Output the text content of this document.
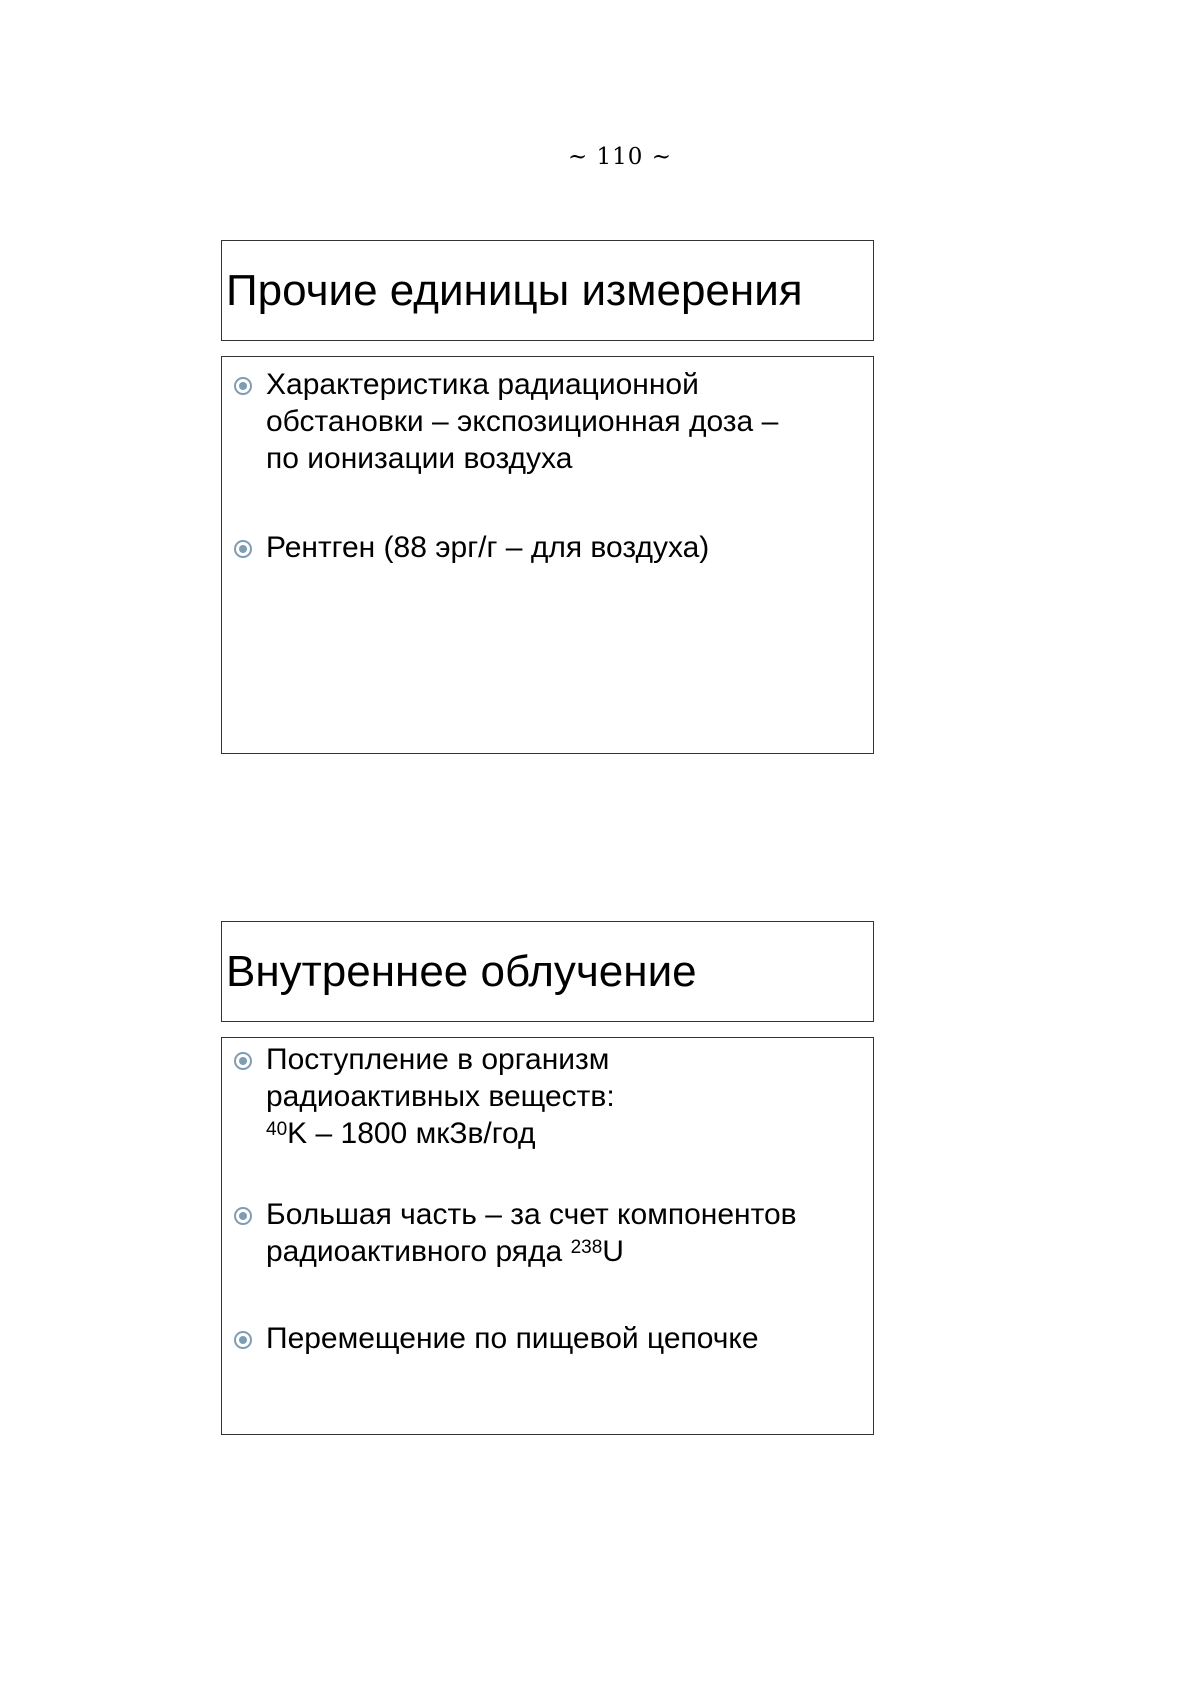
~ 110 ~
Прочие единицы измерения
Характеристика радиационной
обстановки – экспозиционная доза –
по ионизации воздуха
Рентген (88 эрг/г – для воздуха)
Внутреннее облучение
Поступление в организм
радиоактивных веществ:
$^{40}$K – 1800 мкЗв/год
Большая часть – за счет компонентов
радиоактивного ряда $^{238}$U
Перемещение по пищевой цепочке
